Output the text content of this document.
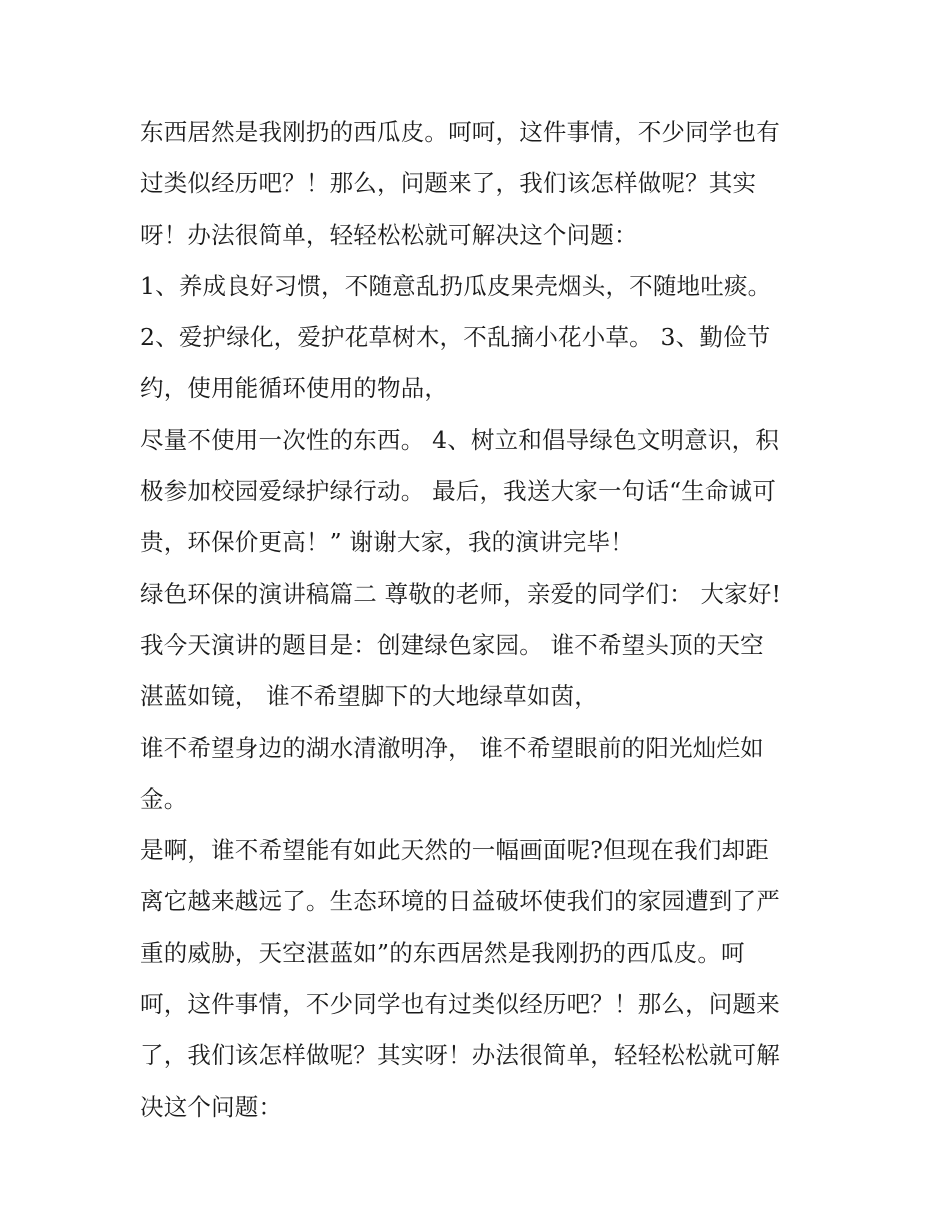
东西居然是我刚扔的西瓜皮。呵呵，这件事情，不少同学也有
过类似经历吧？！那么，问题来了，我们该怎样做呢？其实
呀！办法很简单，轻轻松松就可解决这个问题：
1、养成良好习惯，不随意乱扔瓜皮果壳烟头，不随地吐痰。
2、爱护绿化，爱护花草树木，不乱摘小花小草。 3、勤俭节
约，使用能循环使用的物品，
尽量不使用一次性的东西。 4、树立和倡导绿色文明意识，积
极参加校园爱绿护绿行动。 最后，我送大家一句话“生命诚可
贵，环保价更高！” 谢谢大家，我的演讲完毕！
绿色环保的演讲稿篇二 尊敬的老师，亲爱的同学们： 大家好!
我今天演讲的题目是：创建绿色家园。 谁不希望头顶的天空
湛蓝如镜， 谁不希望脚下的大地绿草如茵，
谁不希望身边的湖水清澈明净， 谁不希望眼前的阳光灿烂如
金。
是啊，谁不希望能有如此天然的一幅画面呢?但现在我们却距
离它越来越远了。生态环境的日益破坏使我们的家园遭到了严
重的威胁，天空湛蓝如”的东西居然是我刚扔的西瓜皮。呵
呵，这件事情，不少同学也有过类似经历吧？！那么，问题来
了，我们该怎样做呢？其实呀！办法很简单，轻轻松松就可解
决这个问题：
